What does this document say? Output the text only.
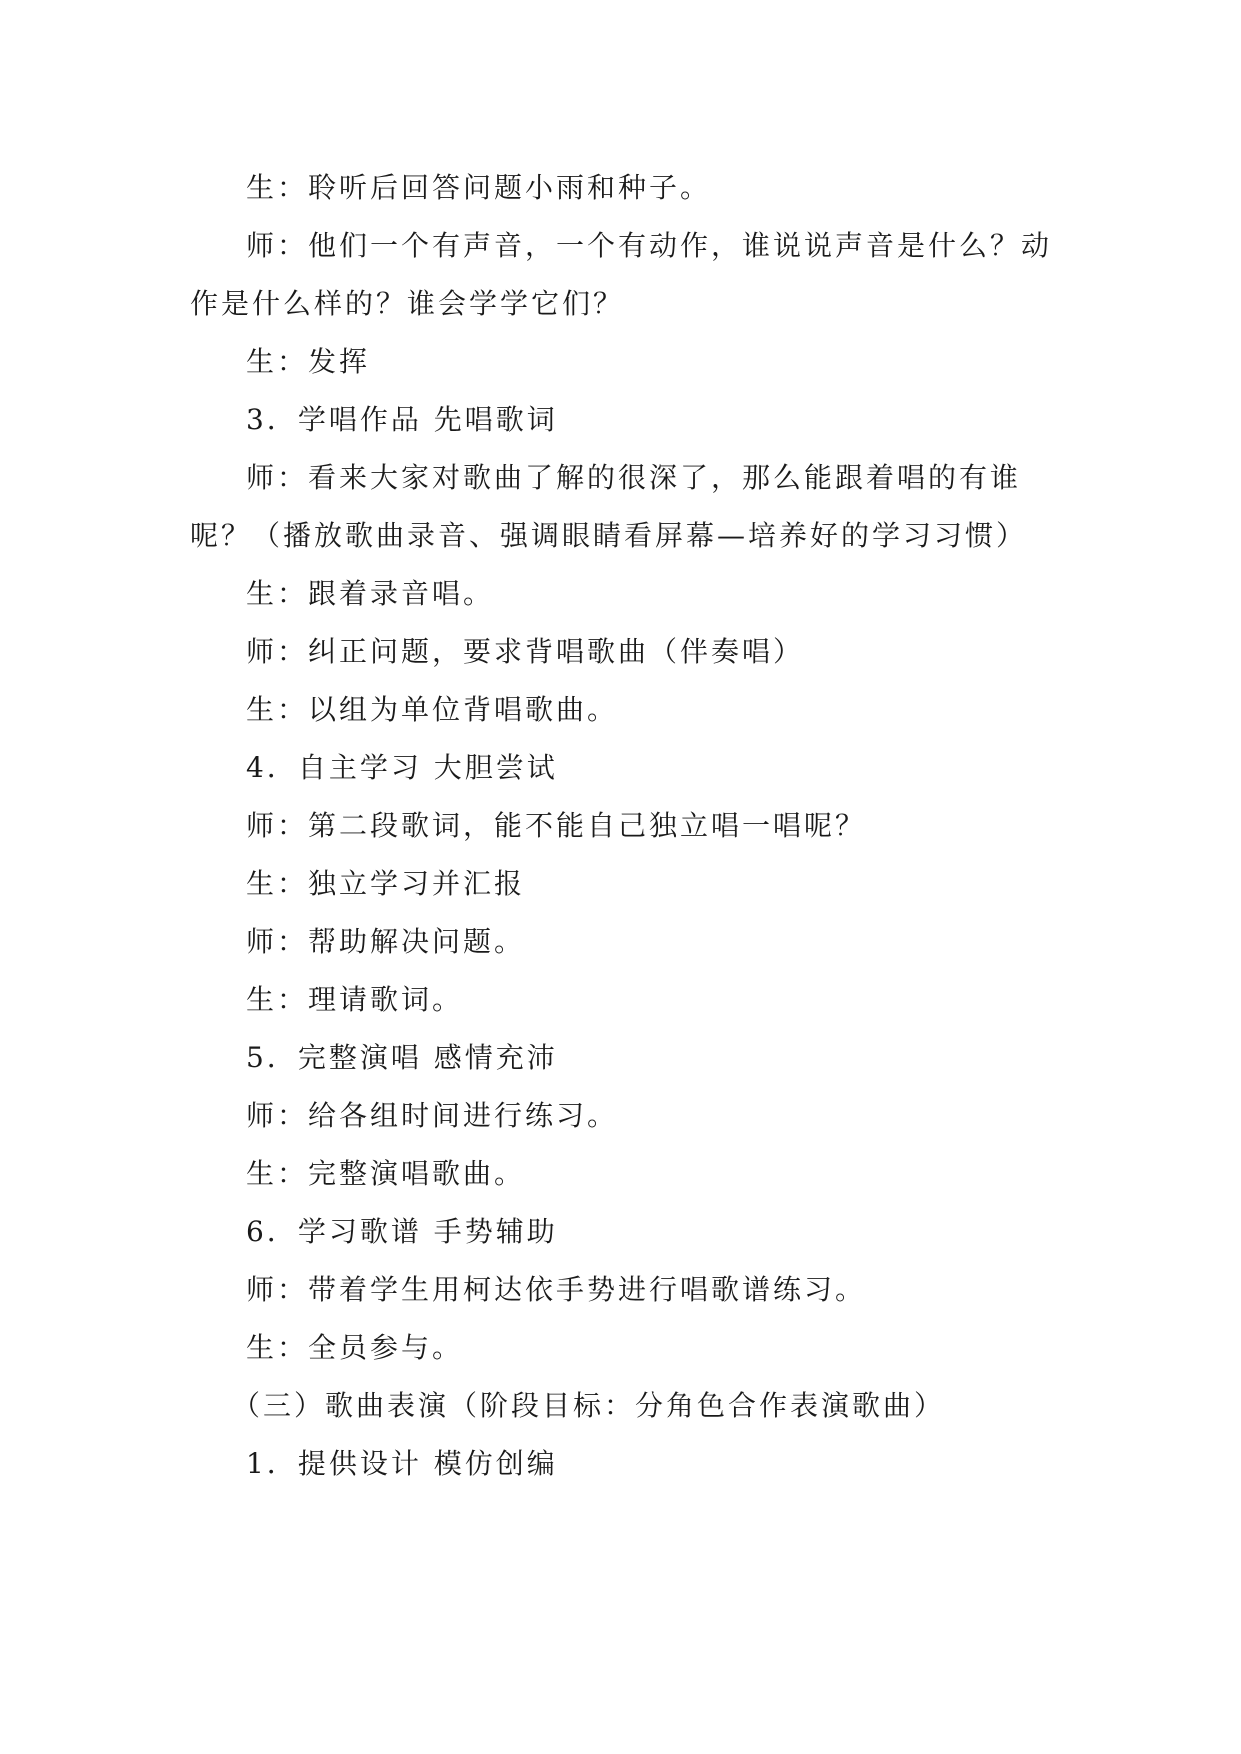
生：聆听后回答问题小雨和种子。

师：他们一个有声音，一个有动作，谁说说声音是什么？动作是什么样的？谁会学学它们？

生：发挥

3．学唱作品 先唱歌词

师：看来大家对歌曲了解的很深了，那么能跟着唱的有谁呢？（播放歌曲录音、强调眼睛看屏幕—培养好的学习习惯）

生：跟着录音唱。

师：纠正问题，要求背唱歌曲（伴奏唱）

生：以组为单位背唱歌曲。

4．自主学习 大胆尝试

师：第二段歌词，能不能自己独立唱一唱呢？

生：独立学习并汇报

师：帮助解决问题。

生：理请歌词。

5．完整演唱 感情充沛

师：给各组时间进行练习。

生：完整演唱歌曲。

6．学习歌谱 手势辅助

师：带着学生用柯达依手势进行唱歌谱练习。

生：全员参与。

（三）歌曲表演（阶段目标：分角色合作表演歌曲）

1．提供设计 模仿创编
